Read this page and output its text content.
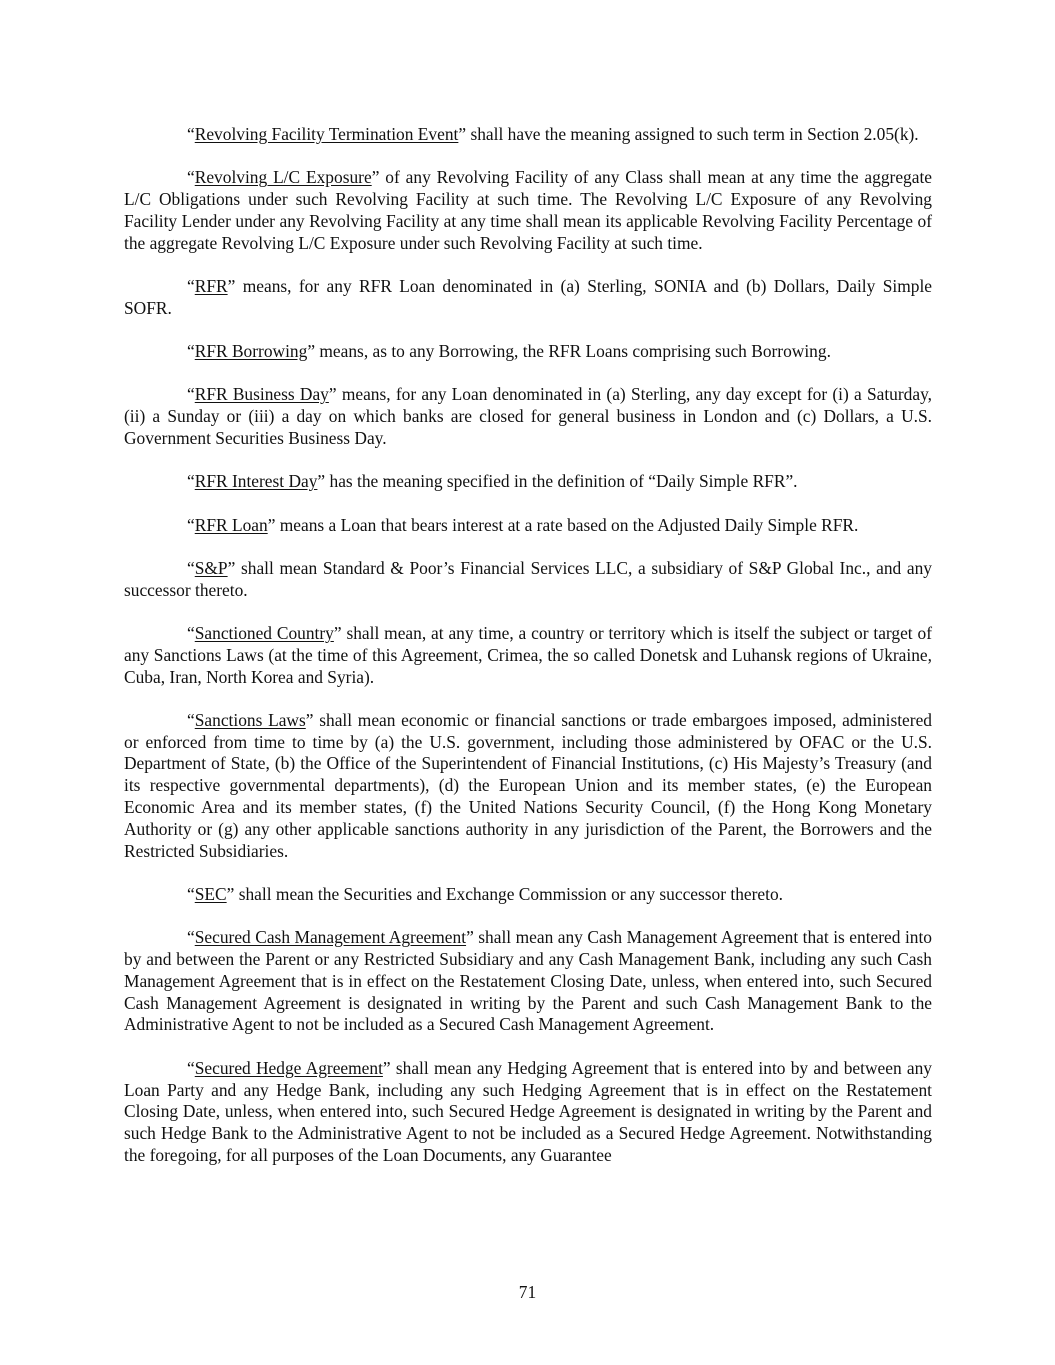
“Revolving Facility Termination Event” shall have the meaning assigned to such term in Section 2.05(k).

“Revolving L/C Exposure” of any Revolving Facility of any Class shall mean at any time the aggregate L/C Obligations under such Revolving Facility at such time. The Revolving L/C Exposure of any Revolving Facility Lender under any Revolving Facility at any time shall mean its applicable Revolving Facility Percentage of the aggregate Revolving L/C Exposure under such Revolving Facility at such time.

“RFR” means, for any RFR Loan denominated in (a) Sterling, SONIA and (b) Dollars, Daily Simple SOFR.

“RFR Borrowing” means, as to any Borrowing, the RFR Loans comprising such Borrowing.

“RFR Business Day” means, for any Loan denominated in (a) Sterling, any day except for (i) a Saturday, (ii) a Sunday or (iii) a day on which banks are closed for general business in London and (c) Dollars, a U.S. Government Securities Business Day.

“RFR Interest Day” has the meaning specified in the definition of “Daily Simple RFR”.

“RFR Loan” means a Loan that bears interest at a rate based on the Adjusted Daily Simple RFR.

“S&P” shall mean Standard & Poor’s Financial Services LLC, a subsidiary of S&P Global Inc., and any successor thereto.

“Sanctioned Country” shall mean, at any time, a country or territory which is itself the subject or target of any Sanctions Laws (at the time of this Agreement, Crimea, the so called Donetsk and Luhansk regions of Ukraine, Cuba, Iran, North Korea and Syria).

“Sanctions Laws” shall mean economic or financial sanctions or trade embargoes imposed, administered or enforced from time to time by (a) the U.S. government, including those administered by OFAC or the U.S. Department of State, (b) the Office of the Superintendent of Financial Institutions, (c) His Majesty’s Treasury (and its respective governmental departments), (d) the European Union and its member states, (e) the European Economic Area and its member states, (f) the United Nations Security Council, (f) the Hong Kong Monetary Authority or (g) any other applicable sanctions authority in any jurisdiction of the Parent, the Borrowers and the Restricted Subsidiaries.

“SEC” shall mean the Securities and Exchange Commission or any successor thereto.

“Secured Cash Management Agreement” shall mean any Cash Management Agreement that is entered into by and between the Parent or any Restricted Subsidiary and any Cash Management Bank, including any such Cash Management Agreement that is in effect on the Restatement Closing Date, unless, when entered into, such Secured Cash Management Agreement is designated in writing by the Parent and such Cash Management Bank to the Administrative Agent to not be included as a Secured Cash Management Agreement.

“Secured Hedge Agreement” shall mean any Hedging Agreement that is entered into by and between any Loan Party and any Hedge Bank, including any such Hedging Agreement that is in effect on the Restatement Closing Date, unless, when entered into, such Secured Hedge Agreement is designated in writing by the Parent and such Hedge Bank to the Administrative Agent to not be included as a Secured Hedge Agreement. Notwithstanding the foregoing, for all purposes of the Loan Documents, any Guarantee

71
